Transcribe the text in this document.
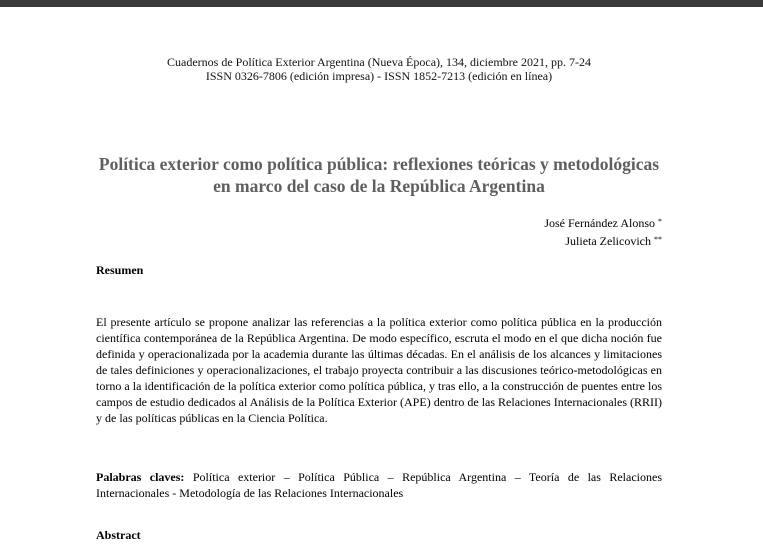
Cuadernos de Política Exterior Argentina (Nueva Época), 134, diciembre 2021, pp. 7-24
ISSN 0326-7806 (edición impresa) - ISSN 1852-7213 (edición en línea)
Política exterior como política pública: reflexiones teóricas y metodológicas en marco del caso de la República Argentina
José Fernández Alonso *
Julieta Zelicovich **
Resumen

El presente artículo se propone analizar las referencias a la política exterior como política pública en la producción científica contemporánea de la República Argentina. De modo específico, escruta el modo en el que dicha noción fue definida y operacionalizada por la academia durante las últimas décadas. En el análisis de los alcances y limitaciones de tales definiciones y operacionalizaciones, el trabajo proyecta contribuir a las discusiones teórico-metodológicas en torno a la identificación de la política exterior como política pública, y tras ello, a la construcción de puentes entre los campos de estudio dedicados al Análisis de la Política Exterior (APE) dentro de las Relaciones Internacionales (RRII) y de las políticas públicas en la Ciencia Política.

Palabras claves: Política exterior – Política Pública – República Argentina – Teoría de las Relaciones Internacionales - Metodología de las Relaciones Internacionales

Abstract
